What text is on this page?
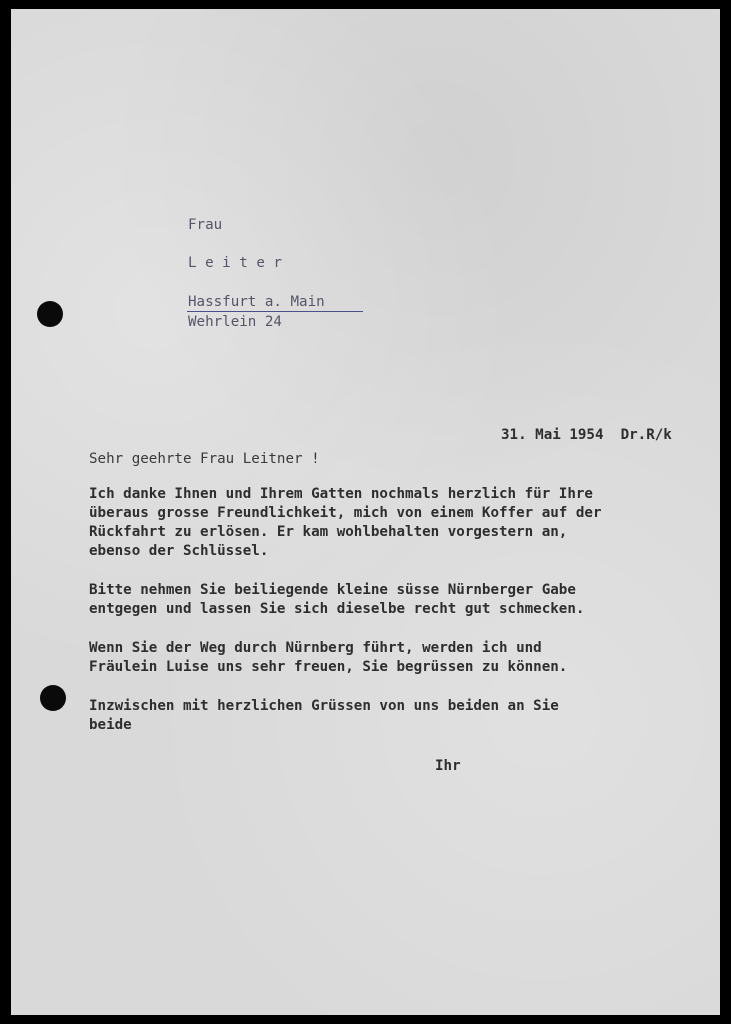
Frau
L e i t e r
Hassfurt a. Main
Wehrlein 24
31. Mai 1954  Dr.R/k
Sehr geehrte Frau Leitner !
Ich danke Ihnen und Ihrem Gatten nochmals herzlich für Ihre
überaus grosse Freundlichkeit, mich von einem Koffer auf der
Rückfahrt zu erlösen. Er kam wohlbehalten vorgestern an,
ebenso der Schlüssel.
Bitte nehmen Sie beiliegende kleine süsse Nürnberger Gabe
entgegen und lassen Sie sich dieselbe recht gut schmecken.
Wenn Sie der Weg durch Nürnberg führt, werden ich und
Fräulein Luise uns sehr freuen, Sie begrüssen zu können.
Inzwischen mit herzlichen Grüssen von uns beiden an Sie
beide
Ihr
